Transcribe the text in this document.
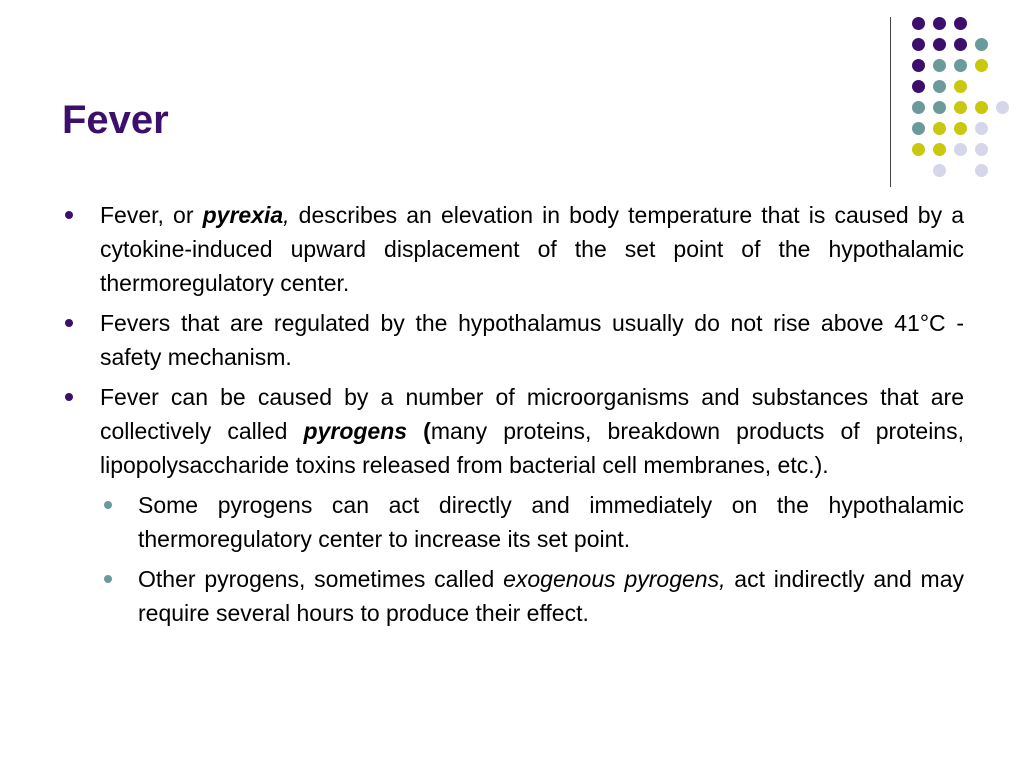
Fever
Fever, or pyrexia, describes an elevation in body temperature that is caused by a cytokine-induced upward displacement of the set point of the hypothalamic thermoregulatory center.
Fevers that are regulated by the hypothalamus usually do not rise above 41°C - safety mechanism.
Fever can be caused by a number of microorganisms and substances that are collectively called pyrogens (many proteins, breakdown products of proteins, lipopolysaccharide toxins released from bacterial cell membranes, etc.).
Some pyrogens can act directly and immediately on the hypothalamic thermoregulatory center to increase its set point.
Other pyrogens, sometimes called exogenous pyrogens, act indirectly and may require several hours to produce their effect.
